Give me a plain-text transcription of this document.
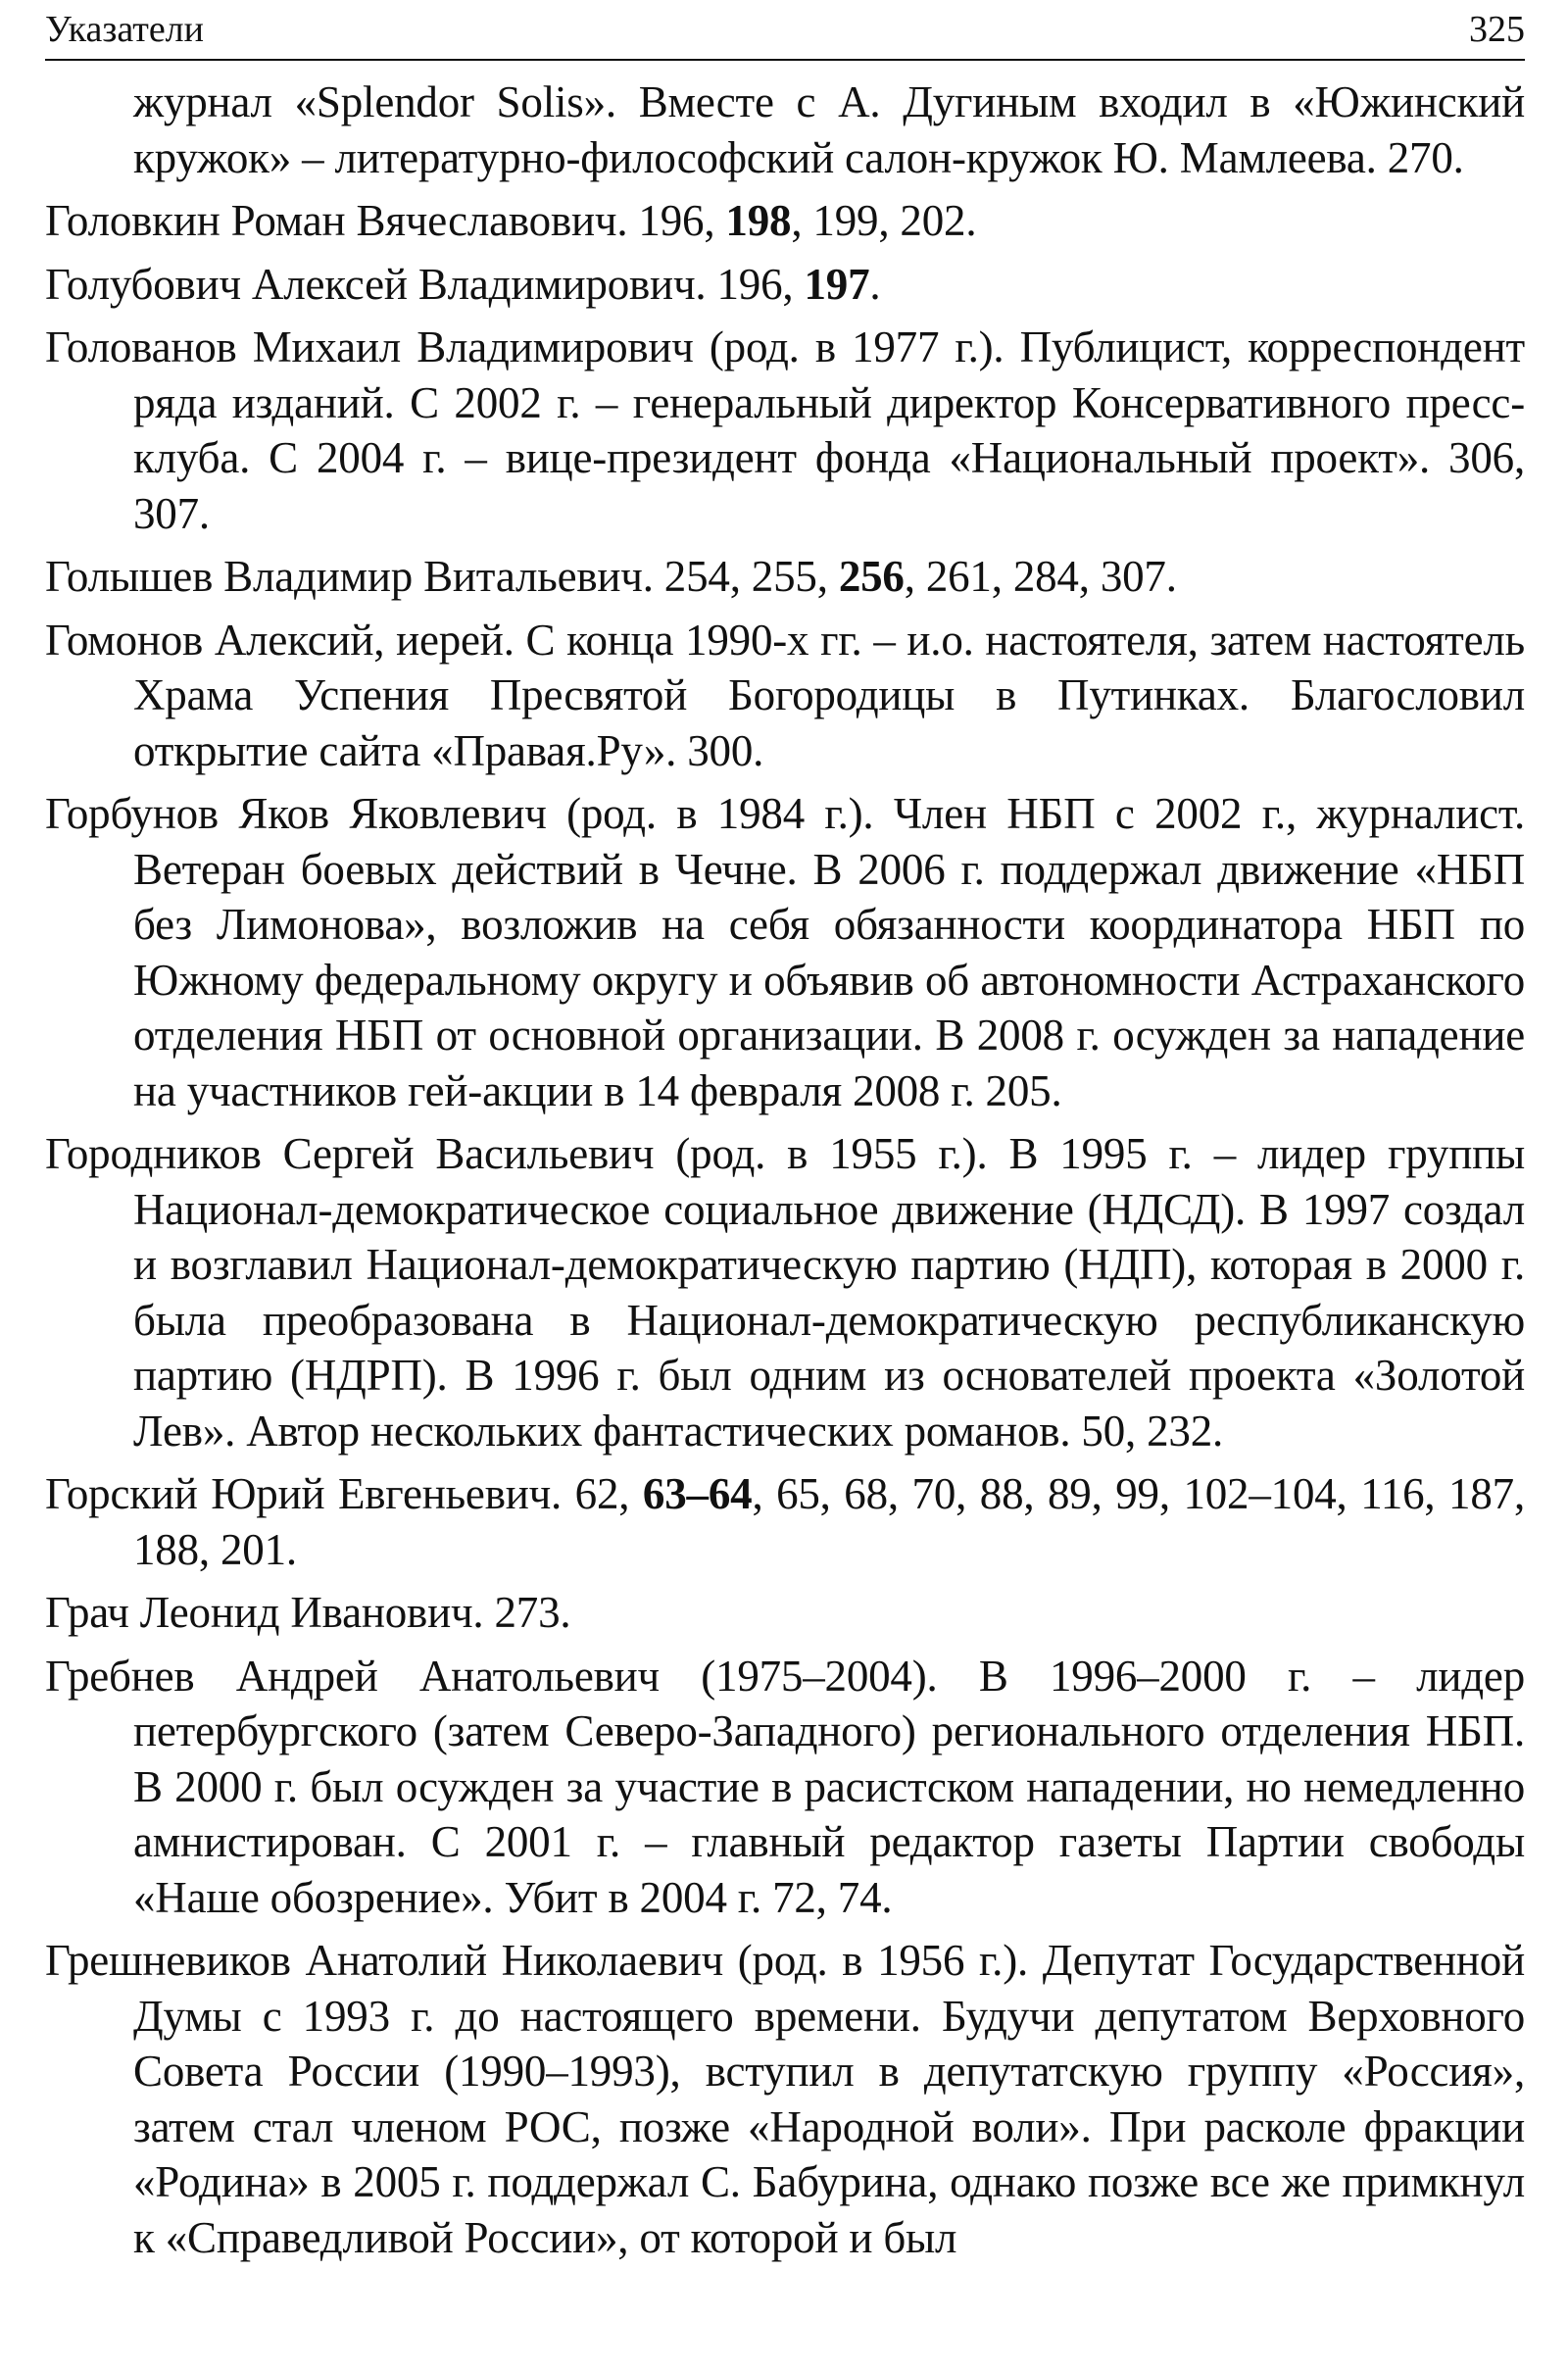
Указатели	325

журнал «Splendor Solis». Вместе с А. Дугиным входил в «Южинский кружок» – литературно-философский салон-кружок Ю. Мамлеева. 270.

Головкин Роман Вячеславович. 196, 198, 199, 202.

Голубович Алексей Владимирович. 196, 197.

Голованов Михаил Владимирович (род. в 1977 г.). Публицист, корреспондент ряда изданий. С 2002 г. – генеральный директор Консервативного пресс-клуба. С 2004 г. – вице-президент фонда «Национальный проект». 306, 307.

Голышев Владимир Витальевич. 254, 255, 256, 261, 284, 307.

Гомонов Алексий, иерей. С конца 1990-х гг. – и.о. настоятеля, затем настоятель Храма Успения Пресвятой Богородицы в Путинках. Благословил открытие сайта «Правая.Ру». 300.

Горбунов Яков Яковлевич (род. в 1984 г.). Член НБП с 2002 г., журналист. Ветеран боевых действий в Чечне. В 2006 г. поддержал движение «НБП без Лимонова», возложив на себя обязанности координатора НБП по Южному федеральному округу и объявив об автономности Астраханского отделения НБП от основной организации. В 2008 г. осужден за нападение на участников гей-акции в 14 февраля 2008 г. 205.

Городников Сергей Васильевич (род. в 1955 г.). В 1995 г. – лидер группы Национал-демократическое социальное движение (НДСД). В 1997 создал и возглавил Национал-демократическую партию (НДП), которая в 2000 г. была преобразована в Национал-демократическую республиканскую партию (НДРП). В 1996 г. был одним из основателей проекта «Золотой Лев». Автор нескольких фантастических романов. 50, 232.

Горский Юрий Евгеньевич. 62, 63–64, 65, 68, 70, 88, 89, 99, 102–104, 116, 187, 188, 201.

Грач Леонид Иванович. 273.

Гребнев Андрей Анатольевич (1975–2004). В 1996–2000 г. – лидер петербургского (затем Северо-Западного) регионального отделения НБП. В 2000 г. был осужден за участие в расистском нападении, но немедленно амнистирован. С 2001 г. – главный редактор газеты Партии свободы «Наше обозрение». Убит в 2004 г. 72, 74.

Грешневиков Анатолий Николаевич (род. в 1956 г.). Депутат Государственной Думы с 1993 г. до настоящего времени. Будучи депутатом Верховного Совета России (1990–1993), вступил в депутатскую группу «Россия», затем стал членом РОС, позже «Народной воли». При расколе фракции «Родина» в 2005 г. поддержал С. Бабурина, однако позже все же примкнул к «Справедливой России», от которой и был
